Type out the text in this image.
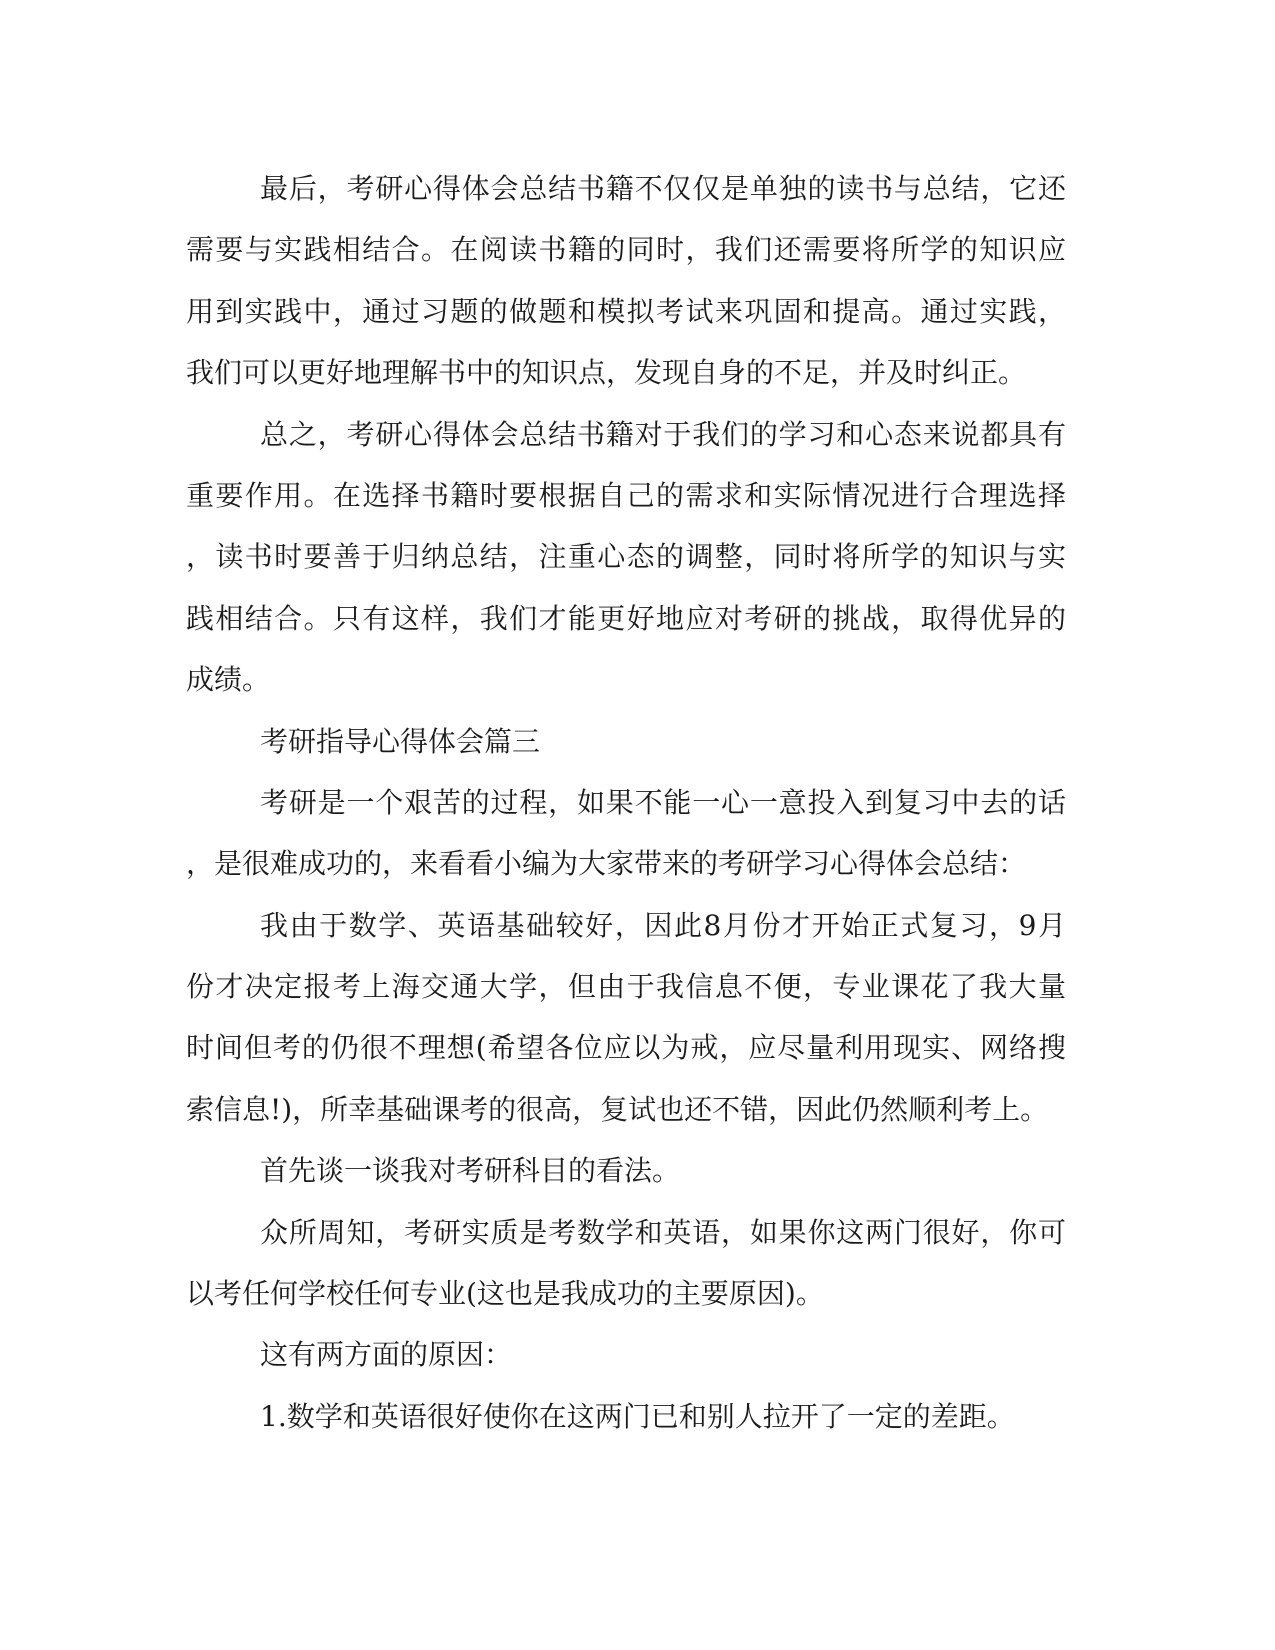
最后，考研心得体会总结书籍不仅仅是单独的读书与总结，它还
需要与实践相结合。在阅读书籍的同时，我们还需要将所学的知识应
用到实践中，通过习题的做题和模拟考试来巩固和提高。通过实践，
我们可以更好地理解书中的知识点，发现自身的不足，并及时纠正。
总之，考研心得体会总结书籍对于我们的学习和心态来说都具有
重要作用。在选择书籍时要根据自己的需求和实际情况进行合理选择
，读书时要善于归纳总结，注重心态的调整，同时将所学的知识与实
践相结合。只有这样，我们才能更好地应对考研的挑战，取得优异的
成绩。
考研指导心得体会篇三
考研是一个艰苦的过程，如果不能一心一意投入到复习中去的话
，是很难成功的，来看看小编为大家带来的考研学习心得体会总结：
我由于数学、英语基础较好，因此8月份才开始正式复习，9月
份才决定报考上海交通大学，但由于我信息不便，专业课花了我大量
时间但考的仍很不理想(希望各位应以为戒，应尽量利用现实、网络搜
索信息!)，所幸基础课考的很高，复试也还不错，因此仍然顺利考上。
首先谈一谈我对考研科目的看法。
众所周知，考研实质是考数学和英语，如果你这两门很好，你可
以考任何学校任何专业(这也是我成功的主要原因)。
这有两方面的原因：
1.数学和英语很好使你在这两门已和别人拉开了一定的差距。
